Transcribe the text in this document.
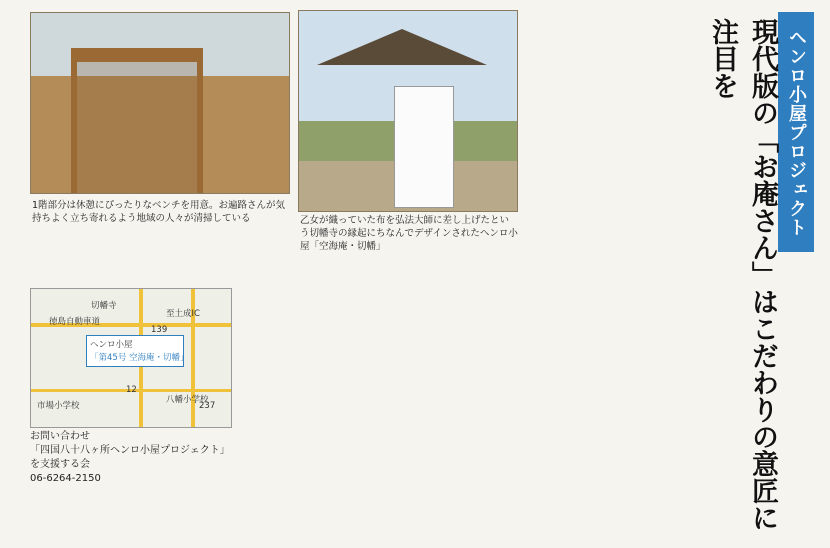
1階部分は休憩にぴったりなベンチを用意。お遍路さんが気持ちよく立ち寄れるよう地域の人々が清掃している	乙女が織っていた布を弘法大師に差し上げたという切幡寺の縁起にちなんでデザインされたヘンロ小屋「空海庵・切幡」
ヘンロ小屋プロジェクト
現代版の「お庵さん」はこだわりの意匠に注目を
切幡寺
至土成IC
徳島自動車道
ヘンロ小屋
「第45号 空海庵・切幡」
市場小学校
八幡小学校
139
12
237
お問い合わせ
「四国八十八ヶ所ヘンロ小屋プロジェクト」を支援する会
06-6264-2150
